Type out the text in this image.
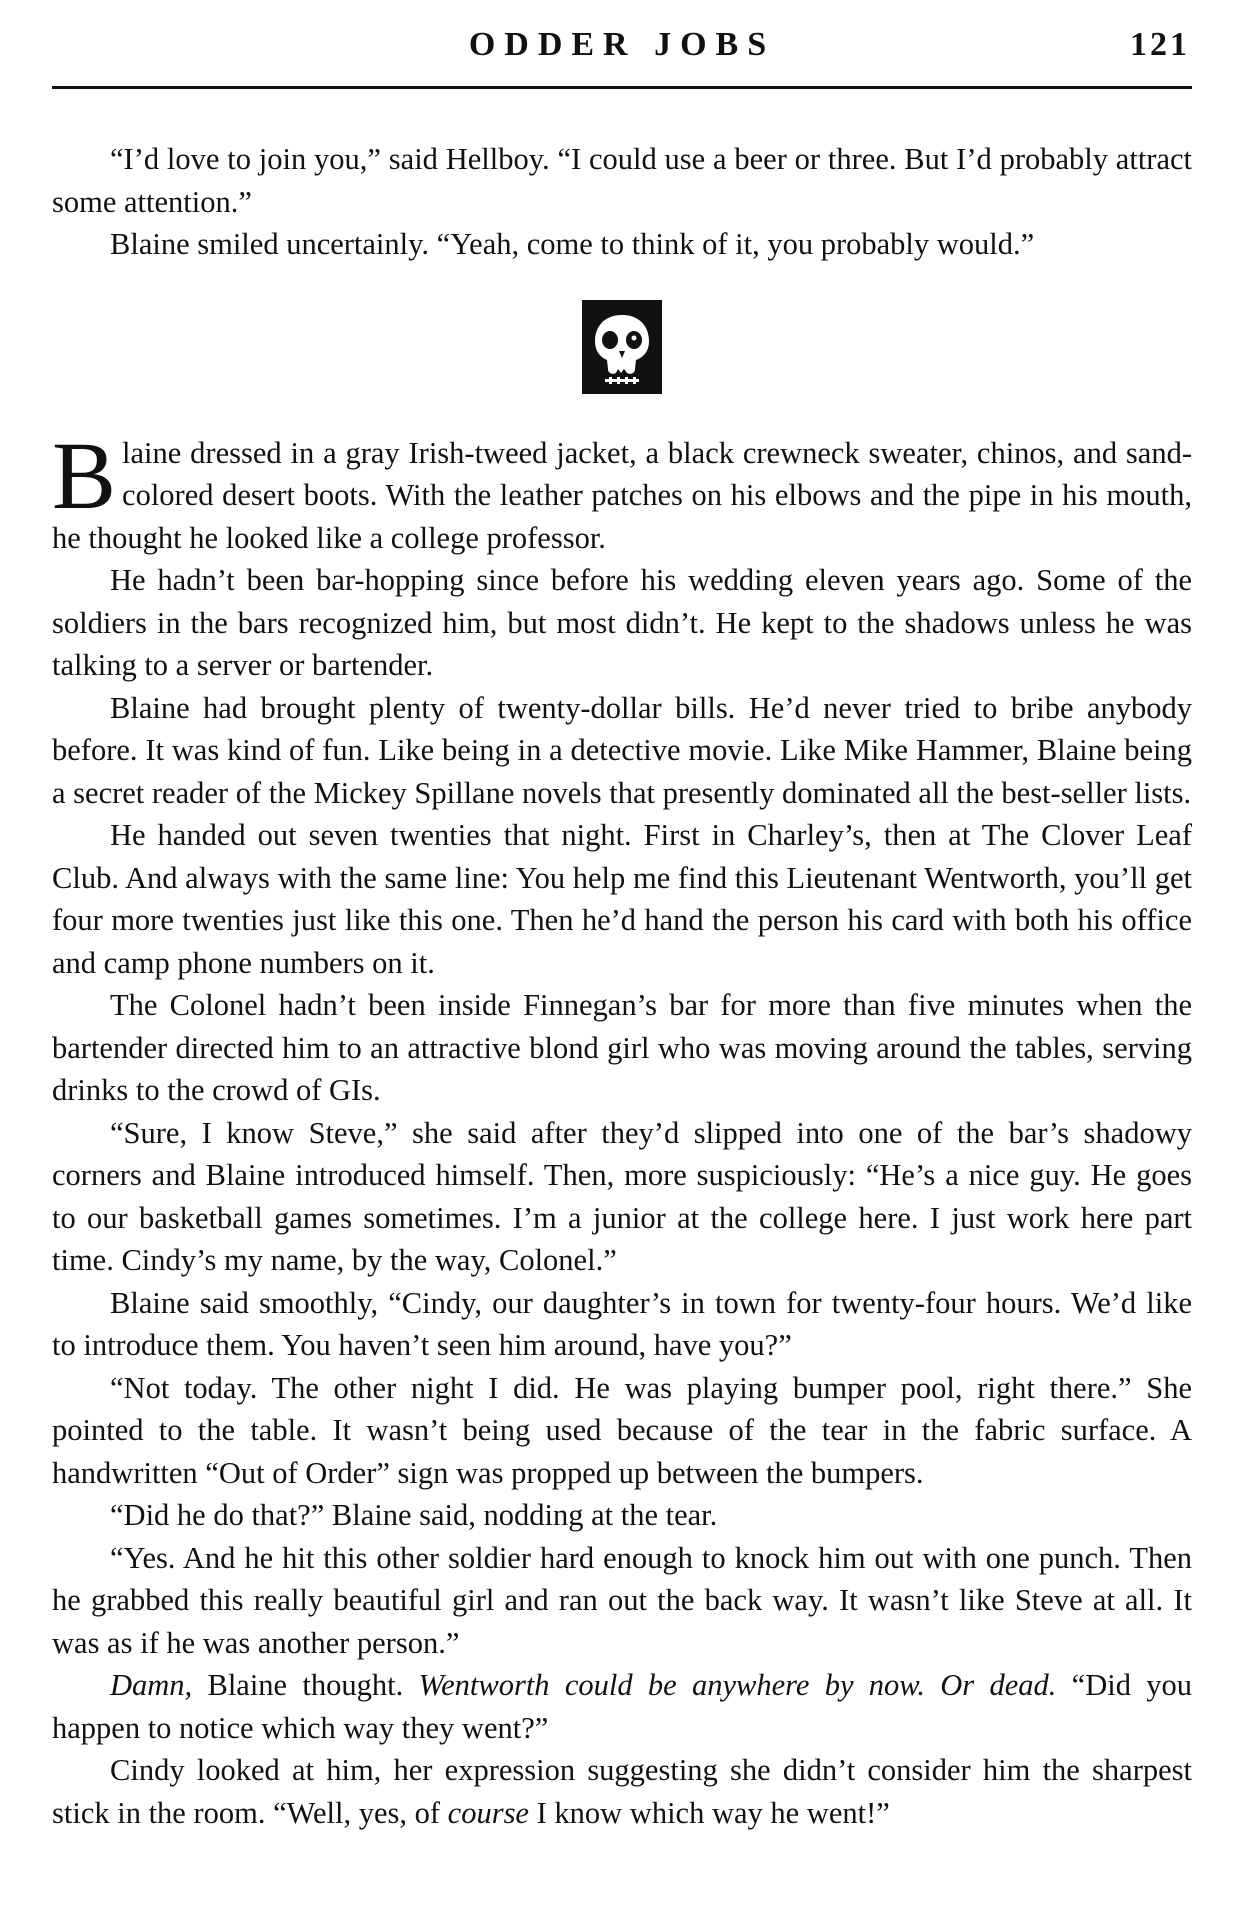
ODDER JOBS	121

“I’d love to join you,” said Hellboy. “I could use a beer or three. But I’d probably attract some attention.”

Blaine smiled uncertainly. “Yeah, come to think of it, you probably would.”

Blaine dressed in a gray Irish-tweed jacket, a black crewneck sweater, chinos, and sand-colored desert boots. With the leather patches on his elbows and the pipe in his mouth, he thought he looked like a college professor.

He hadn’t been bar-hopping since before his wedding eleven years ago. Some of the soldiers in the bars recognized him, but most didn’t. He kept to the shadows unless he was talking to a server or bartender.

Blaine had brought plenty of twenty-dollar bills. He’d never tried to bribe anybody before. It was kind of fun. Like being in a detective movie. Like Mike Hammer, Blaine being a secret reader of the Mickey Spillane novels that presently dominated all the best-seller lists.

He handed out seven twenties that night. First in Charley’s, then at The Clover Leaf Club. And always with the same line: You help me find this Lieutenant Wentworth, you’ll get four more twenties just like this one. Then he’d hand the person his card with both his office and camp phone numbers on it.

The Colonel hadn’t been inside Finnegan’s bar for more than five minutes when the bartender directed him to an attractive blond girl who was moving around the tables, serving drinks to the crowd of GIs.

“Sure, I know Steve,” she said after they’d slipped into one of the bar’s shadowy corners and Blaine introduced himself. Then, more suspiciously: “He’s a nice guy. He goes to our basketball games sometimes. I’m a junior at the college here. I just work here part time. Cindy’s my name, by the way, Colonel.”

Blaine said smoothly, “Cindy, our daughter’s in town for twenty-four hours. We’d like to introduce them. You haven’t seen him around, have you?”

“Not today. The other night I did. He was playing bumper pool, right there.” She pointed to the table. It wasn’t being used because of the tear in the fabric surface. A handwritten “Out of Order” sign was propped up between the bumpers.

“Did he do that?” Blaine said, nodding at the tear.

“Yes. And he hit this other soldier hard enough to knock him out with one punch. Then he grabbed this really beautiful girl and ran out the back way. It wasn’t like Steve at all. It was as if he was another person.”

Damn, Blaine thought. Wentworth could be anywhere by now. Or dead. “Did you happen to notice which way they went?”

Cindy looked at him, her expression suggesting she didn’t consider him the sharpest stick in the room. “Well, yes, of course I know which way he went!”
